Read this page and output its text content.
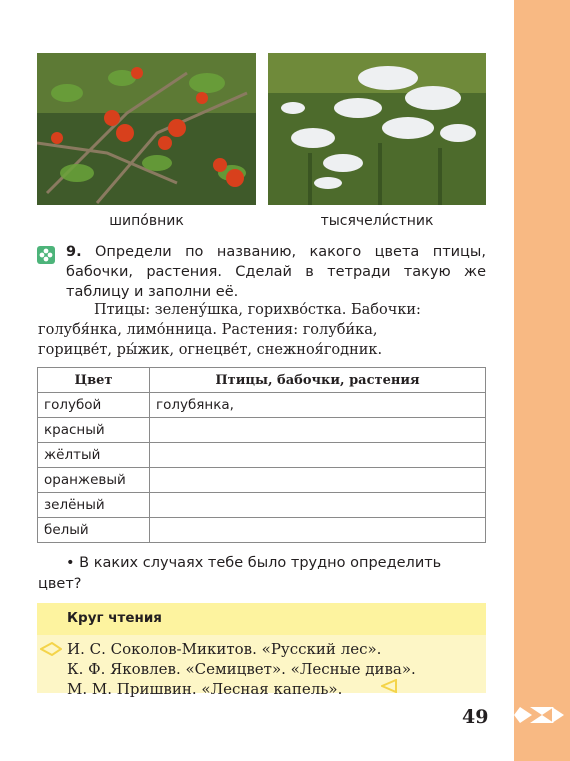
шипо́вник	тысячели́стник
9. Определи по названию, какого цвета птицы, бабочки, растения. Сделай в тетради такую же таблицу и заполни её.
Птицы: зелену́шка, горихво́стка. Бабочки:
голубя́нка, лимо́нница. Растения: голуби́ка,
горицве́т, ры́жик, огнецве́т, снежноя́годник.
Цвет	Птицы, бабочки, растения
голубой	голубянка,
красный	
жёлтый	
оранжевый	
зелёный	
белый	
• В каких случаях тебе было трудно определить
цвет?
Круг чтения
И. С. Соколов-Микитов. «Русский лес».
К. Ф. Яковлев. «Семицвет». «Лесные дива».
М. М. Пришвин. «Лесная капель».
49
